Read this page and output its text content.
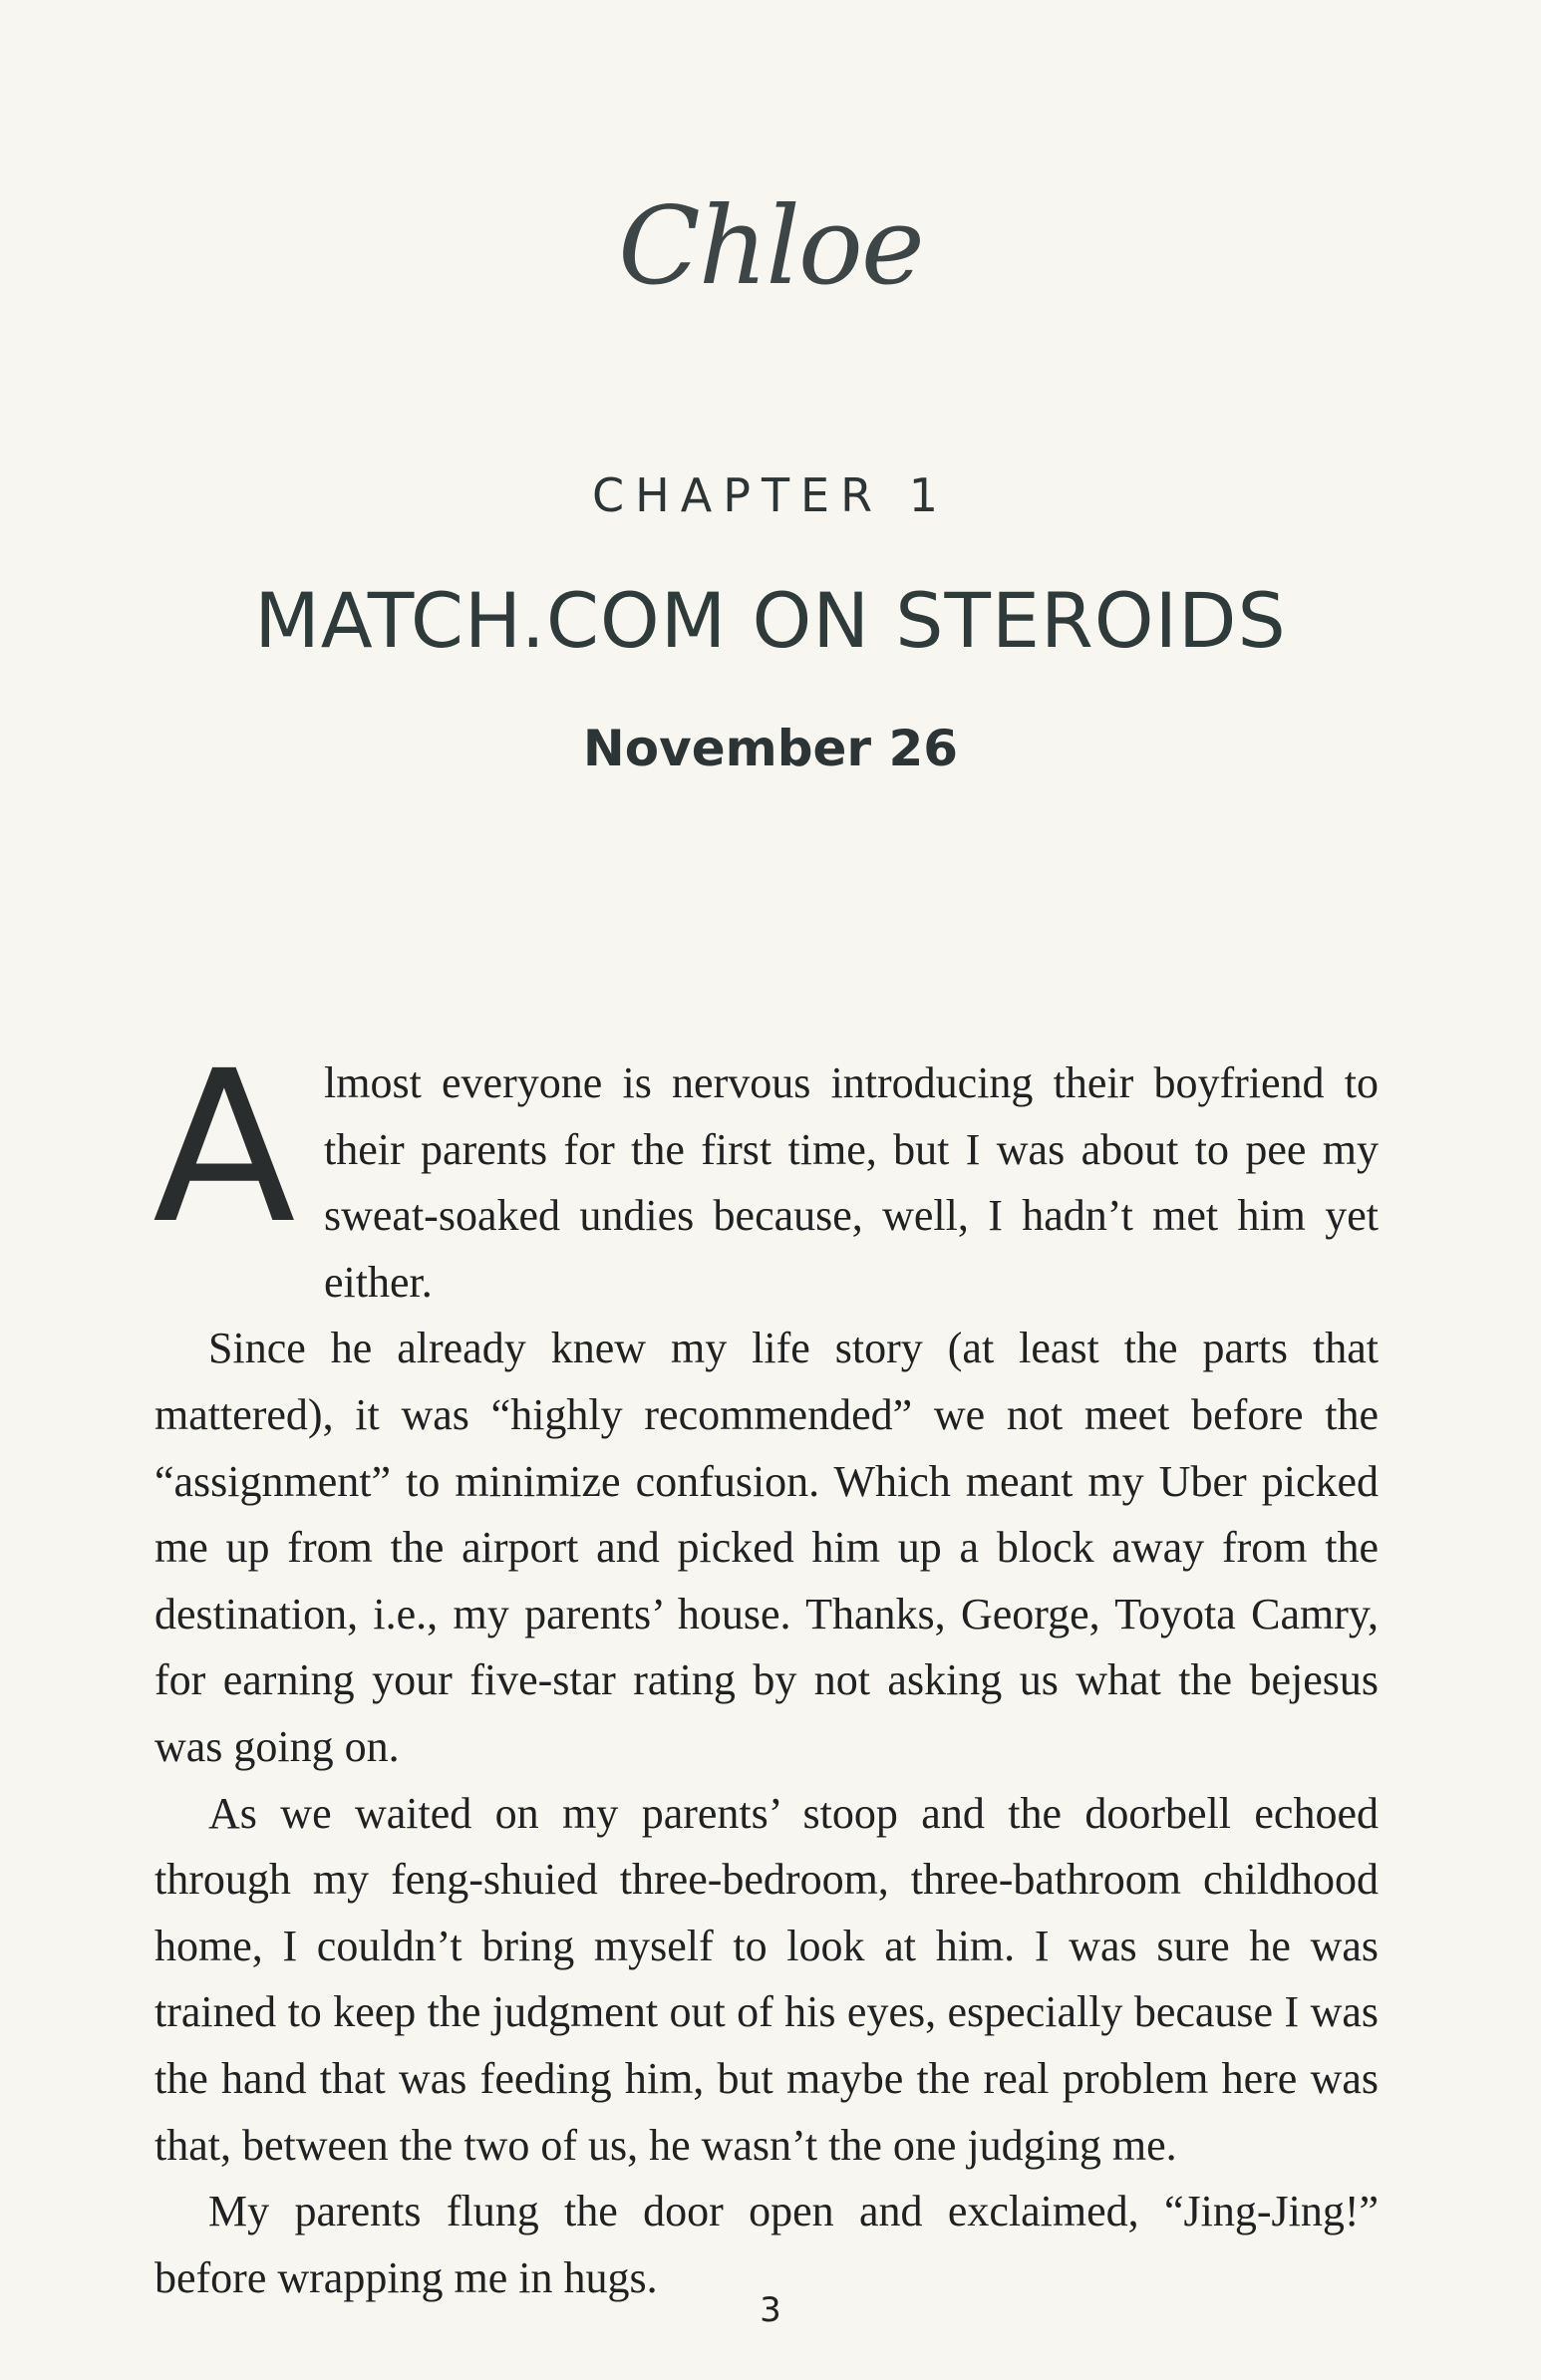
Chloe
CHAPTER 1
MATCH.COM ON STEROIDS
November 26

A lmost everyone is nervous introducing their boyfriend to their parents for the first time, but I was about to pee my sweat-soaked undies because, well, I hadn’t met him yet either.

Since he already knew my life story (at least the parts that mattered), it was “highly recommended” we not meet before the “assignment” to minimize confusion. Which meant my Uber picked me up from the airport and picked him up a block away from the destination, i.e., my parents’ house. Thanks, George, Toyota Camry, for earning your five-star rating by not asking us what the bejesus was going on.

As we waited on my parents’ stoop and the doorbell echoed through my feng-shuied three-bedroom, three-bathroom childhood home, I couldn’t bring myself to look at him. I was sure he was trained to keep the judgment out of his eyes, especially because I was the hand that was feeding him, but maybe the real problem here was that, between the two of us, he wasn’t the one judging me.

My parents flung the door open and exclaimed, “Jing-Jing!” before wrapping me in hugs.

3
